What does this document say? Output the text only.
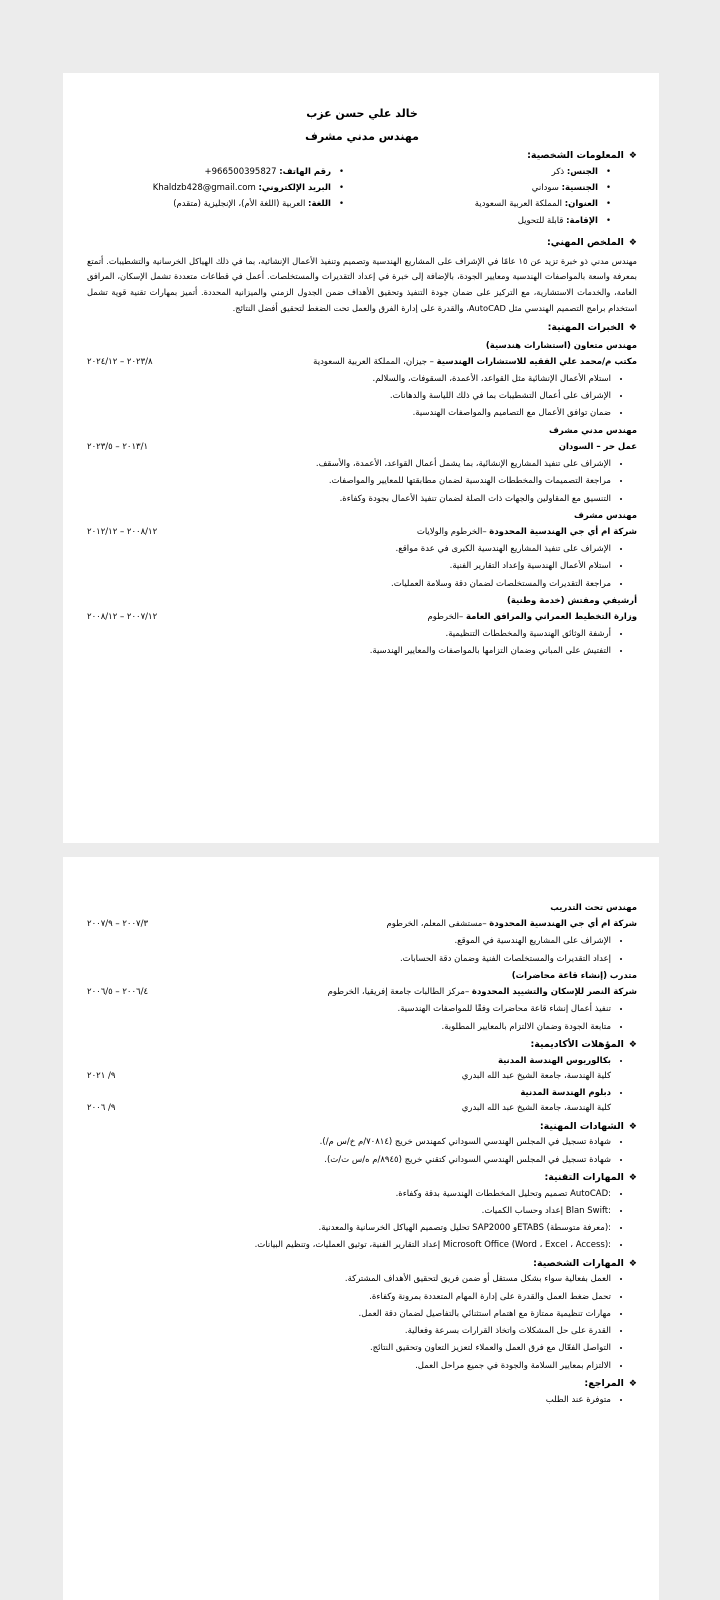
خالد علي حسن عزب
مهندس مدني مشرف
❖المعلومات الشخصية:
•
الجنس:

ذكر
•
رقم الهاتف:

+966500395827
•
الجنسية:

سوداني
•
البريد الإلكتروني:

Khaldzb428@gmail.com
•
العنوان:

المملكة العربية السعودية
•
اللغة:

العربية (اللغة الأم)، الإنجليزية (متقدم)
•
الإقامة:

قابلة للتحويل
❖الملخص المهني:
مهندس مدني ذو خبرة تزيد عن ١٥ عامًا في الإشراف على المشاريع الهندسية وتصميم وتنفيذ الأعمال الإنشائية، بما في ذلك الهياكل الخرسانية والتشطيبات. أتمتع بمعرفة واسعة بالمواصفات الهندسية ومعايير الجودة، بالإضافة إلى خبرة في إعداد التقديرات والمستخلصات. أعمل في قطاعات متعددة تشمل الإسكان، المرافق العامة، والخدمات الاستشارية، مع التركيز على ضمان جودة التنفيذ وتحقيق الأهداف ضمن الجدول الزمني والميزانية المحددة. أتميز بمهارات تقنية قوية تشمل استخدام برامج التصميم الهندسي مثل AutoCAD، والقدرة على إدارة الفرق والعمل تحت الضغط لتحقيق أفضل النتائج.
❖الخبرات المهنية:
مهندس متعاون (استشارات هندسية)
مكتب م/محمد علي الفقيه للاستشارات الهندسية – جيزان، المملكة العربية السعودية
٢٠٢٣/٨ – ٢٠٢٤/١٢
• استلام الأعمال الإنشائية مثل القواعد، الأعمدة، السقوفات، والسلالم.
• الإشراف على أعمال التشطيبات بما في ذلك اللياسة والدهانات.
• ضمان توافق الأعمال مع التصاميم والمواصفات الهندسية.
مهندس مدني مشرف
عمل حر – السودان
٢٠١٣/١ – ٢٠٢٣/٥
• الإشراف على تنفيذ المشاريع الإنشائية، بما يشمل أعمال القواعد، الأعمدة، والأسقف.
• مراجعة التصميمات والمخططات الهندسية لضمان مطابقتها للمعايير والمواصفات.
• التنسيق مع المقاولين والجهات ذات الصلة لضمان تنفيذ الأعمال بجودة وكفاءة.
مهندس مشرف
شركة ام أي جي الهندسية المحدودة –الخرطوم والولايات
٢٠٠٨/١٢ – ٢٠١٢/١٢
• الإشراف على تنفيذ المشاريع الهندسية الكبرى في عدة مواقع.
• استلام الأعمال الهندسية وإعداد التقارير الفنية.
• مراجعة التقديرات والمستخلصات لضمان دقة وسلامة العمليات.
أرشيفي ومفتش (خدمة وطنية)
وزارة التخطيط العمراني والمرافق العامة –الخرطوم
٢٠٠٧/١٢ – ٢٠٠٨/١٢
• أرشفة الوثائق الهندسية والمخططات التنظيمية.
• التفتيش على المباني وضمان التزامها بالمواصفات والمعايير الهندسية.
مهندس تحت التدريب
شركة ام أي جي الهندسية المحدودة –مستشفى المعلم، الخرطوم
٢٠٠٧/٣ – ٢٠٠٧/٩
• الإشراف على المشاريع الهندسية في الموقع.
• إعداد التقديرات والمستخلصات الفنية وضمان دقة الحسابات.
متدرب (إنشاء قاعة محاضرات)
شركة النصر للإسكان والتشييد المحدودة –مركز الطالبات جامعة إفريقيا، الخرطوم
٢٠٠٦/٤ – ٢٠٠٦/٥
• تنفيذ أعمال إنشاء قاعة محاضرات وفقًا للمواصفات الهندسية.
• متابعة الجودة وضمان الالتزام بالمعايير المطلوبة.
❖المؤهلات الأكاديمية:
• بكالوريوس الهندسة المدنية
كلية الهندسة، جامعة الشيخ عبد الله البدري
٩/ ٢٠٢١
• دبلوم الهندسة المدنية
كلية الهندسة، جامعة الشيخ عبد الله البدري
٩/ ٢٠٠٦
❖الشهادات المهنية:
• شهادة تسجيل في المجلس الهندسي السوداني كمهندس خريج (٧٠٨١٤/م خ/س م/).
• شهادة تسجيل في المجلس الهندسي السوداني كتقني خريج (٨٩٤٥/م ه/س ت/ت).
❖المهارات التقنية:
• AutoCAD: تصميم وتحليل المخططات الهندسية بدقة وكفاءة.
• Blan Swift: إعداد وحساب الكميات.
• SAP2000 وETABS (معرفة متوسطة): تحليل وتصميم الهياكل الخرسانية والمعدنية.
• Microsoft Office (Word ، Excel ، Access): إعداد التقارير الفنية، توثيق العمليات، وتنظيم البيانات.
❖المهارات الشخصية:
• العمل بفعالية سواء بشكل مستقل أو ضمن فريق لتحقيق الأهداف المشتركة.
• تحمل ضغط العمل والقدرة على إدارة المهام المتعددة بمرونة وكفاءة.
• مهارات تنظيمية ممتازة مع اهتمام استثنائي بالتفاصيل لضمان دقة العمل.
• القدرة على حل المشكلات واتخاذ القرارات بسرعة وفعالية.
• التواصل الفعّال مع فرق العمل والعملاء لتعزيز التعاون وتحقيق النتائج.
• الالتزام بمعايير السلامة والجودة في جميع مراحل العمل.
❖المراجع:
• متوفرة عند الطلب
